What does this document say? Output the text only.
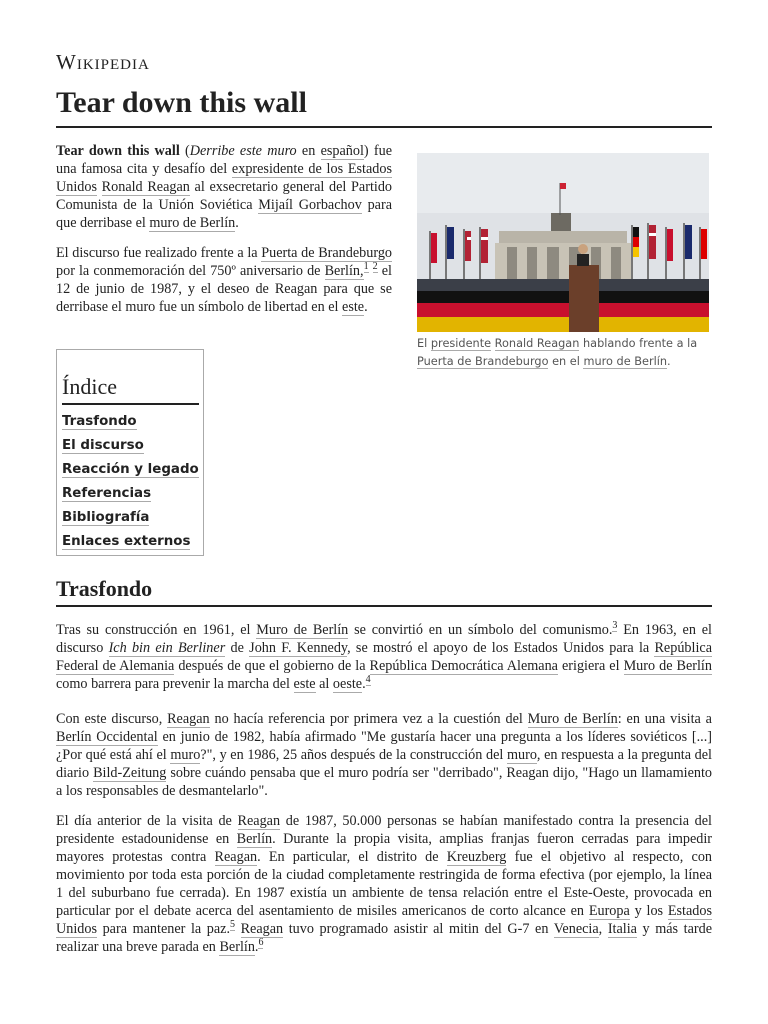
Wikipedia
Tear down this wall

Tear down this wall (Derribe este muro en español) fue una famosa cita y desafío del expresidente de los Estados Unidos Ronald Reagan al exsecretario general del Partido Comunista de la Unión Soviética Mijaíl Gorbachov para que derribase el muro de Berlín.

El discurso fue realizado frente a la Puerta de Brandeburgo por la conmemoración del 750º aniversario de Berlín,$^1$ $^2$ el 12 de junio de 1987, y el deseo de Reagan para que se derribase el muro fue un símbolo de libertad en el este.

El presidente Ronald Reagan hablando frente a la Puerta de Brandeburgo en el muro de Berlín.
Índice
Trasfondo
El discurso
Reacción y legado
Referencias
Bibliografía
Enlaces externos
Trasfondo

Tras su construcción en 1961, el Muro de Berlín se convirtió en un símbolo del comunismo.$^3$ En 1963, en el discurso Ich bin ein Berliner de John F. Kennedy, se mostró el apoyo de los Estados Unidos para la República Federal de Alemania después de que el gobierno de la República Democrática Alemana erigiera el Muro de Berlín como barrera para prevenir la marcha del este al oeste.$^4$

Con este discurso, Reagan no hacía referencia por primera vez a la cuestión del Muro de Berlín: en una visita a Berlín Occidental en junio de 1982, había afirmado "Me gustaría hacer una pregunta a los líderes soviéticos [...] ¿Por qué está ahí el muro?", y en 1986, 25 años después de la construcción del muro, en respuesta a la pregunta del diario Bild-Zeitung sobre cuándo pensaba que el muro podría ser "derribado", Reagan dijo, "Hago un llamamiento a los responsables de desmantelarlo".

El día anterior de la visita de Reagan de 1987, 50.000 personas se habían manifestado contra la presencia del presidente estadounidense en Berlín. Durante la propia visita, amplias franjas fueron cerradas para impedir mayores protestas contra Reagan. En particular, el distrito de Kreuzberg fue el objetivo al respecto, con movimiento por toda esta porción de la ciudad completamente restringida de forma efectiva (por ejemplo, la línea 1 del suburbano fue cerrada). En 1987 existía un ambiente de tensa relación entre el Este-Oeste, provocada en particular por el debate acerca del asentamiento de misiles americanos de corto alcance en Europa y los Estados Unidos para mantener la paz.$^5$ Reagan tuvo programado asistir al mitin del G-7 en Venecia, Italia y más tarde realizar una breve parada en Berlín.$^6$
